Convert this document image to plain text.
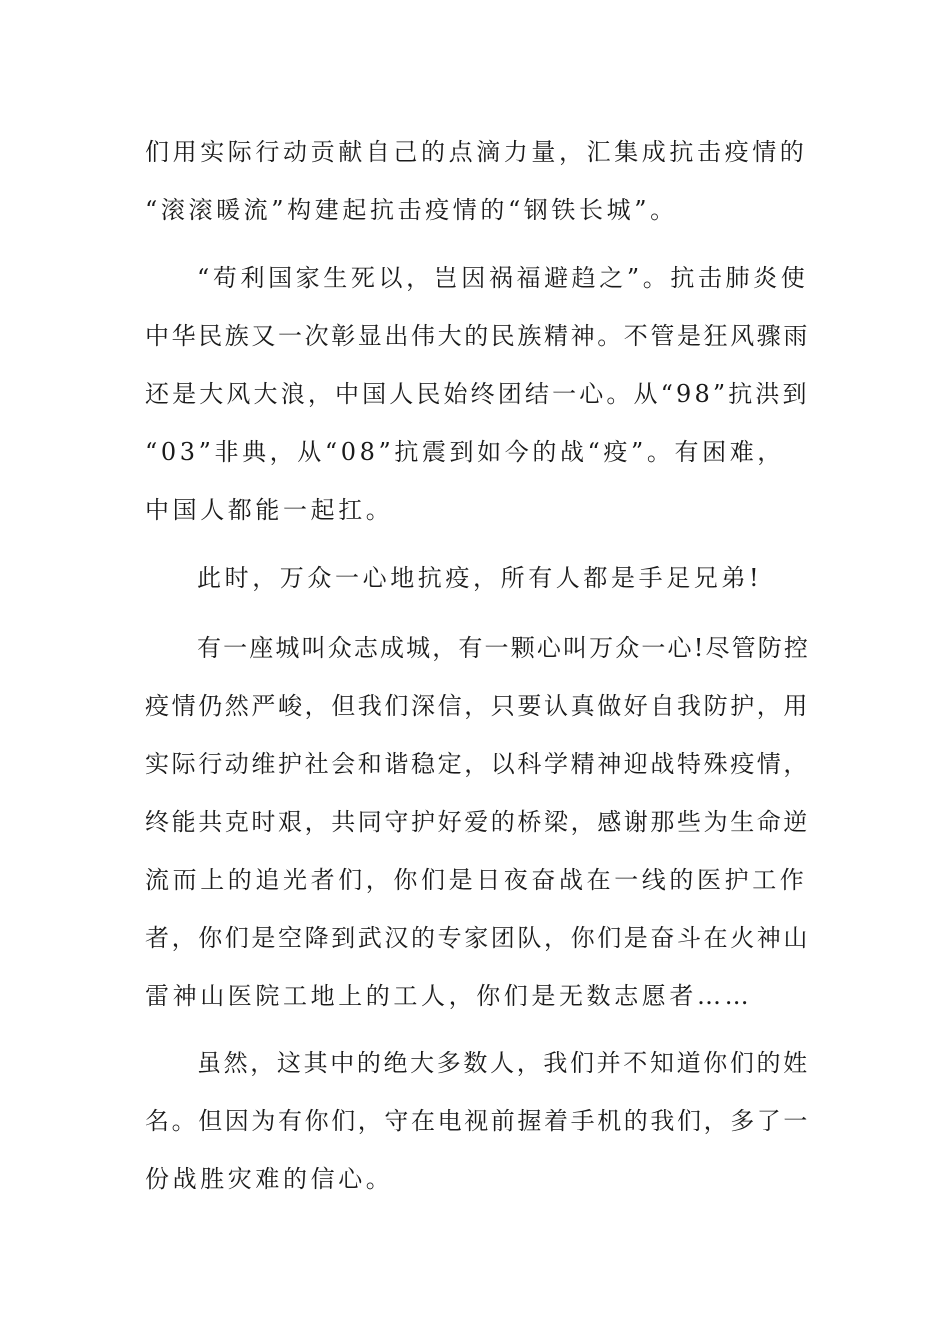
们用实际行动贡献自己的点滴力量，汇集成抗击疫情的
“滚滚暖流”构建起抗击疫情的“钢铁长城”。
“苟利国家生死以，岂因祸福避趋之”。抗击肺炎使
中华民族又一次彰显出伟大的民族精神。不管是狂风骤雨
还是大风大浪，中国人民始终团结一心。从“98”抗洪到
“03”非典，从“08”抗震到如今的战“疫”。有困难，
中国人都能一起扛。
此时，万众一心地抗疫，所有人都是手足兄弟!
有一座城叫众志成城，有一颗心叫万众一心!尽管防控
疫情仍然严峻，但我们深信，只要认真做好自我防护，用
实际行动维护社会和谐稳定，以科学精神迎战特殊疫情，
终能共克时艰，共同守护好爱的桥梁，感谢那些为生命逆
流而上的追光者们，你们是日夜奋战在一线的医护工作
者，你们是空降到武汉的专家团队，你们是奋斗在火神山
雷神山医院工地上的工人，你们是无数志愿者……
虽然，这其中的绝大多数人，我们并不知道你们的姓
名。但因为有你们，守在电视前握着手机的我们，多了一
份战胜灾难的信心。
